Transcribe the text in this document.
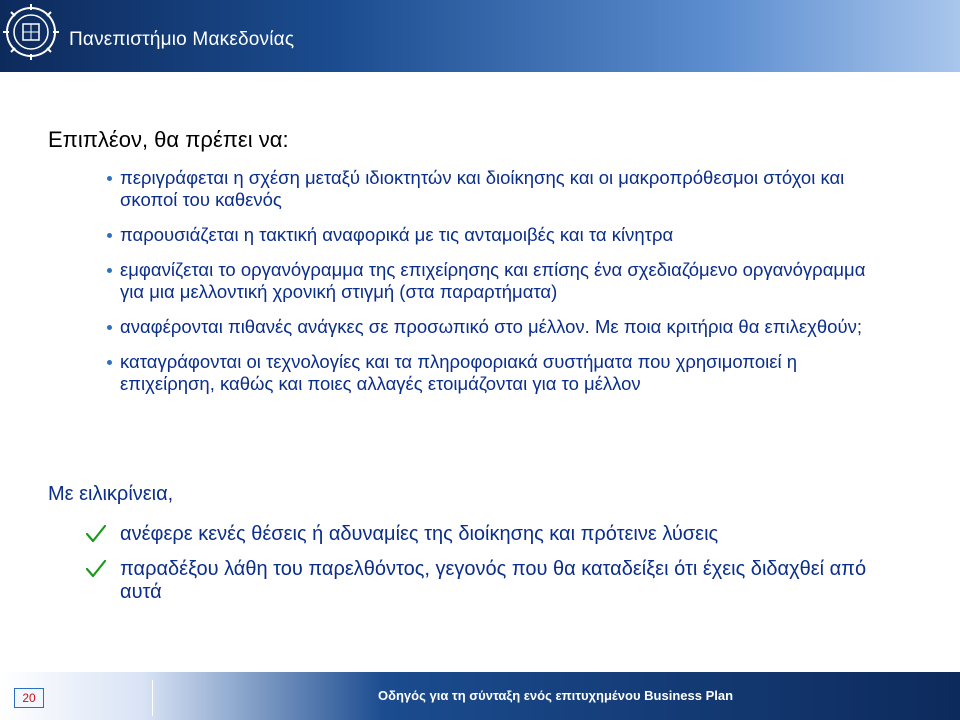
Πανεπιστήμιο Μακεδονίας
Επιπλέον, θα πρέπει να:
περιγράφεται η σχέση μεταξύ ιδιοκτητών και διοίκησης και οι μακροπρόθεσμοι στόχοι και σκοποί του καθενός
παρουσιάζεται η τακτική αναφορικά με τις ανταμοιβές και τα κίνητρα
εμφανίζεται το οργανόγραμμα της επιχείρησης και επίσης ένα σχεδιαζόμενο οργανόγραμμα για μια μελλοντική χρονική στιγμή (στα παραρτήματα)
αναφέρονται πιθανές ανάγκες σε προσωπικό στο μέλλον. Με ποια κριτήρια θα επιλεχθούν;
καταγράφονται οι τεχνολογίες και τα πληροφοριακά συστήματα που χρησιμοποιεί η επιχείρηση, καθώς και ποιες αλλαγές ετοιμάζονται για το μέλλον
Με ειλικρίνεια,
ανέφερε κενές θέσεις ή αδυναμίες της διοίκησης και πρότεινε λύσεις
παραδέξου λάθη του παρελθόντος, γεγονός που θα καταδείξει ότι έχεις διδαχθεί από αυτά
20	Οδηγός για τη σύνταξη ενός επιτυχημένου Business Plan
